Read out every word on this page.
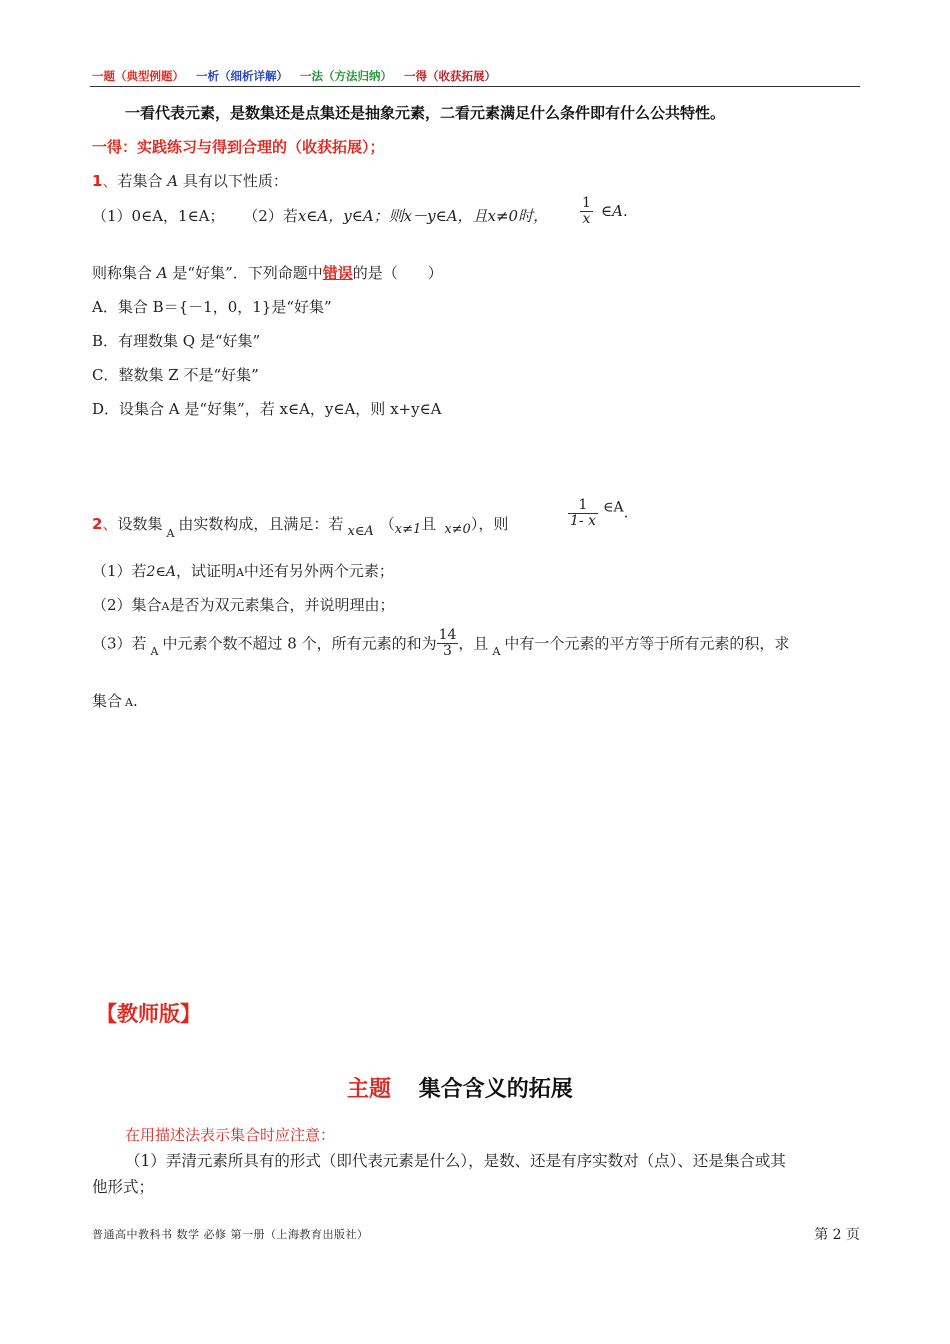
一题（典型例题） 一析（细析详解） 一法（方法归纳） 一得（收获拓展）
一看代表元素，是数集还是点集还是抽象元素，二看元素满足什么条件即有什么公共特性。
一得：实践练习与得到合理的（收获拓展）；
1、若集合 A 具有以下性质：
（1）0∈A，1∈A； （2）若x∈A，y∈A；则x－y∈A，且x≠0时， $\frac{1}{x}$ ∈A.
则称集合 A 是“好集”．下列命题中错误的是（　　）
A．集合 B＝{－1，0，1}是“好集”
B．有理数集 Q 是“好集”
C．整数集 Z 不是“好集”
D．设集合 A 是“好集”，若 x∈A，y∈A，则 x+y∈A
2、设数集$_A$由实数构成，且满足：若 x∈A （x≠1且 x≠0），则	$\frac{1}{1- x}$ ∈A.
（1）若2∈A，试证明A中还有另外两个元素；
（2）集合A是否为双元素集合，并说明理由；
（3）若 $_A$ 中元素个数不超过 8 个，所有元素的和为 $\frac{14}{3}$ ，且 $_A$ 中有一个元素的平方等于所有元素的积，求
集合 A.
【教师版】
主题 集合含义的拓展
在用描述法表示集合时应注意：
（1）弄清元素所具有的形式（即代表元素是什么），是数、还是有序实数对（点）、还是集合或其
他形式；
普通高中教科书 数学 必修 第一册（上海教育出版社）	第 2 页
